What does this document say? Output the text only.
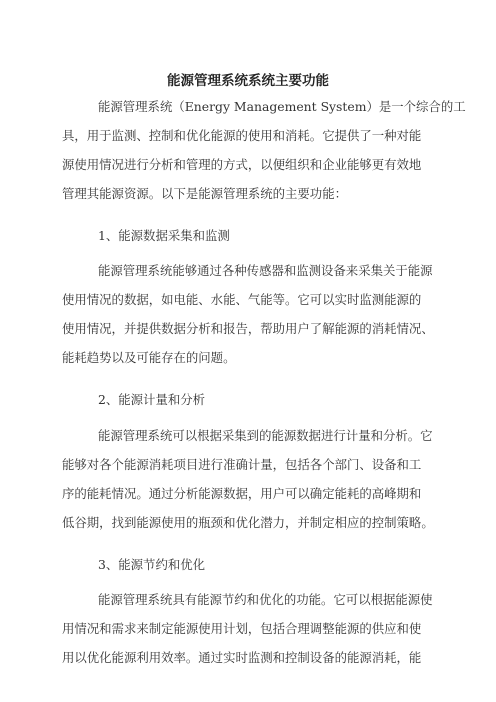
能源管理系统系统主要功能

能源管理系统（Energy Management System）是一个综合的工

具，用于监测、控制和优化能源的使用和消耗。它提供了一种对能

源使用情况进行分析和管理的方式，以便组织和企业能够更有效地

管理其能源资源。以下是能源管理系统的主要功能：

1、能源数据采集和监测

能源管理系统能够通过各种传感器和监测设备来采集关于能源

使用情况的数据，如电能、水能、气能等。它可以实时监测能源的

使用情况，并提供数据分析和报告，帮助用户了解能源的消耗情况、

能耗趋势以及可能存在的问题。

2、能源计量和分析

能源管理系统可以根据采集到的能源数据进行计量和分析。它

能够对各个能源消耗项目进行准确计量，包括各个部门、设备和工

序的能耗情况。通过分析能源数据，用户可以确定能耗的高峰期和

低谷期，找到能源使用的瓶颈和优化潜力，并制定相应的控制策略。

3、能源节约和优化

能源管理系统具有能源节约和优化的功能。它可以根据能源使

用情况和需求来制定能源使用计划，包括合理调整能源的供应和使

用以优化能源利用效率。通过实时监测和控制设备的能源消耗，能
